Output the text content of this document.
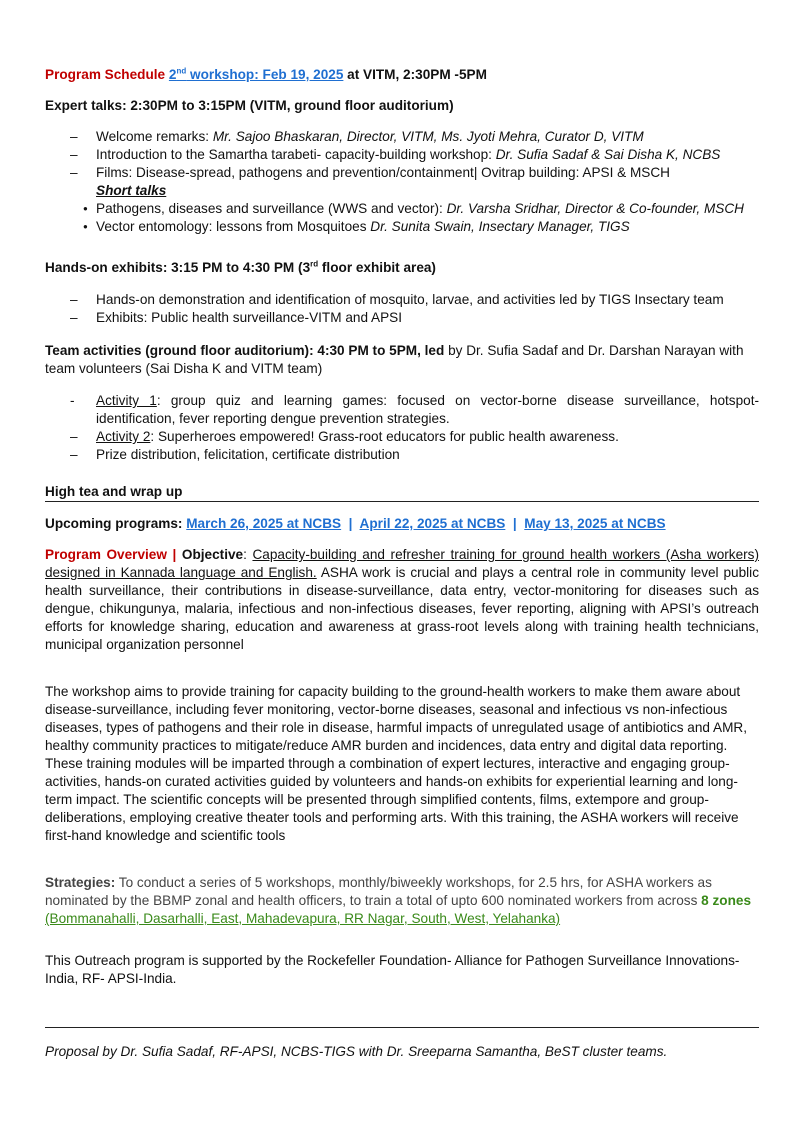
Program Schedule 2nd workshop: Feb 19, 2025 at VITM, 2:30PM -5PM
Expert talks: 2:30PM to 3:15PM (VITM, ground floor auditorium)
– Welcome remarks: Mr. Sajoo Bhaskaran, Director, VITM, Ms. Jyoti Mehra, Curator D, VITM
– Introduction to the Samartha tarabeti- capacity-building workshop: Dr. Sufia Sadaf & Sai Disha K, NCBS
– Films: Disease-spread, pathogens and prevention/containment| Ovitrap building: APSI & MSCH
Short talks
● Pathogens, diseases and surveillance (WWS and vector): Dr. Varsha Sridhar, Director & Co-founder, MSCH
● Vector entomology: lessons from Mosquitoes Dr. Sunita Swain, Insectary Manager, TIGS
Hands-on exhibits: 3:15 PM to 4:30 PM (3rd floor exhibit area)
– Hands-on demonstration and identification of mosquito, larvae, and activities led by TIGS Insectary team
– Exhibits: Public health surveillance-VITM and APSI
Team activities (ground floor auditorium): 4:30 PM to 5PM, led by Dr. Sufia Sadaf and Dr. Darshan Narayan with team volunteers (Sai Disha K and VITM team)
- Activity 1: group quiz and learning games: focused on vector-borne disease surveillance, hotspot-identification, fever reporting dengue prevention strategies.
– Activity 2: Superheroes empowered! Grass-root educators for public health awareness.
– Prize distribution, felicitation, certificate distribution
High tea and wrap up
Upcoming programs: March 26, 2025 at NCBS  |  April 22, 2025 at NCBS  |  May 13, 2025 at NCBS
Program Overview | Objective: Capacity-building and refresher training for ground health workers (Asha workers) designed in Kannada language and English. ASHA work is crucial and plays a central role in community level public health surveillance, their contributions in disease-surveillance, data entry, vector-monitoring for diseases such as dengue, chikungunya, malaria, infectious and non-infectious diseases, fever reporting, aligning with APSI’s outreach efforts for knowledge sharing, education and awareness at grass-root levels along with training health technicians, municipal organization personnel
The workshop aims to provide training for capacity building to the ground-health workers to make them aware about disease-surveillance, including fever monitoring, vector-borne diseases, seasonal and infectious vs non-infectious diseases, types of pathogens and their role in disease, harmful impacts of unregulated usage of antibiotics and AMR, healthy community practices to mitigate/reduce AMR burden and incidences, data entry and digital data reporting. These training modules will be imparted through a combination of expert lectures, interactive and engaging group-activities, hands-on curated activities guided by volunteers and hands-on exhibits for experiential learning and long-term impact. The scientific concepts will be presented through simplified contents, films, extempore and group-deliberations, employing creative theater tools and performing arts. With this training, the ASHA workers will receive first-hand knowledge and scientific tools
Strategies: To conduct a series of 5 workshops, monthly/biweekly workshops, for 2.5 hrs, for ASHA workers as nominated by the BBMP zonal and health officers, to train a total of upto 600 nominated workers from across 8 zones (Bommanahalli, Dasarhalli, East, Mahadevapura, RR Nagar, South, West, Yelahanka)
This Outreach program is supported by the Rockefeller Foundation- Alliance for Pathogen Surveillance Innovations-India, RF- APSI-India.
Proposal by Dr. Sufia Sadaf, RF-APSI, NCBS-TIGS with Dr. Sreeparna Samantha, BeST cluster teams.
